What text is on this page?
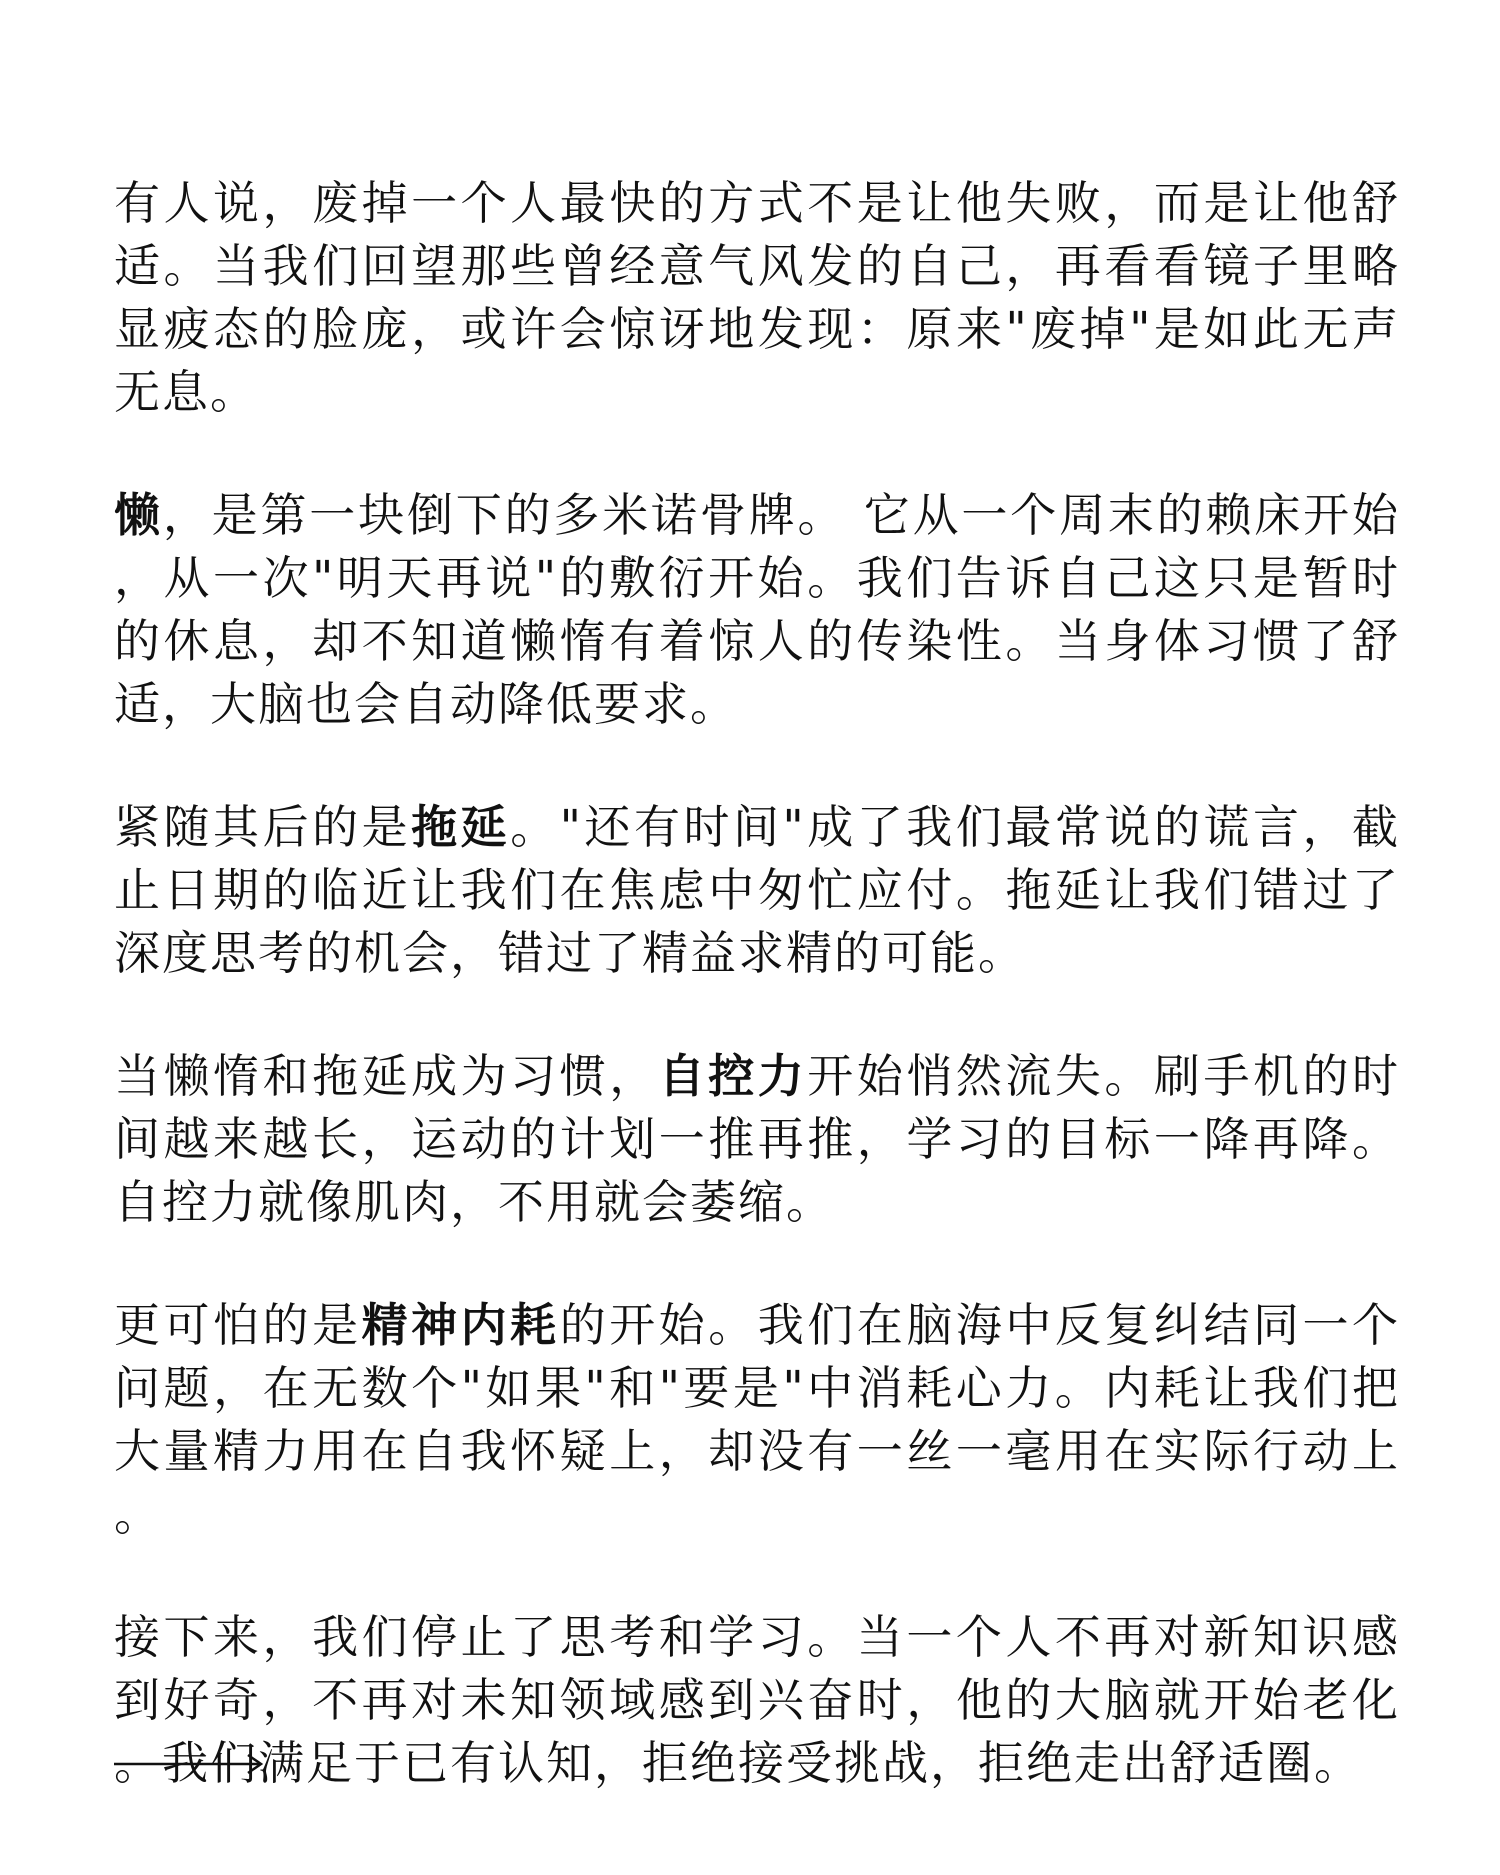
有人说，废掉一个人最快的方式不是让他失败，而是让他舒适。当我们回望那些曾经意气风发的自己，再看看镜子里略显疲态的脸庞，或许会惊讶地发现：原来"废掉"是如此无声无息。

懒，是第一块倒下的多米诺骨牌。 它从一个周末的赖床开始，从一次"明天再说"的敷衍开始。我们告诉自己这只是暂时的休息，却不知道懒惰有着惊人的传染性。当身体习惯了舒适，大脑也会自动降低要求。

紧随其后的是拖延。"还有时间"成了我们最常说的谎言，截止日期的临近让我们在焦虑中匆忙应付。拖延让我们错过了深度思考的机会，错过了精益求精的可能。

当懒惰和拖延成为习惯，自控力开始悄然流失。刷手机的时间越来越长，运动的计划一推再推，学习的目标一降再降。自控力就像肌肉，不用就会萎缩。

更可怕的是精神内耗的开始。我们在脑海中反复纠结同一个问题，在无数个"如果"和"要是"中消耗心力。内耗让我们把大量精力用在自我怀疑上，却没有一丝一毫用在实际行动上。

接下来，我们停止了思考和学习。当一个人不再对新知识感到好奇，不再对未知领域感到兴奋时，他的大脑就开始老化。我们满足于已有认知，拒绝接受挑战，拒绝走出舒适圈。
